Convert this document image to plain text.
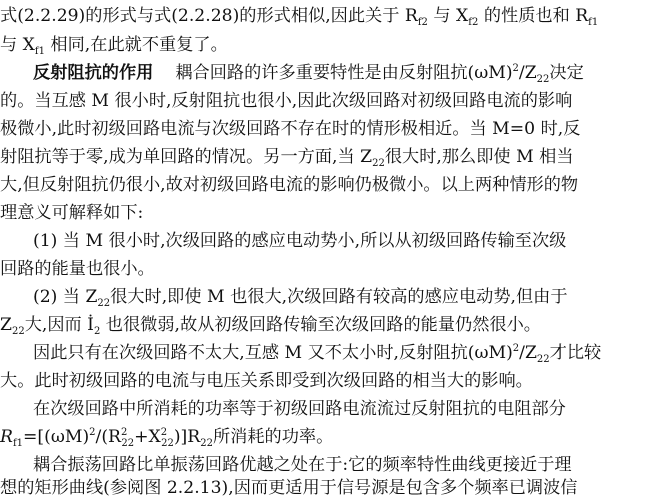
式(2.2.29)的形式与式(2.2.28)的形式相似,因此关于 $R_{f2}$ 与 $X_{f2}$ 的性质也和 $R_{f1}$
与 $X_{f1}$ 相同,在此就不重复了。
反射阻抗的作用 耦合回路的许多重要特性是由反射阻抗$(\omega M)^2/Z_{22}$决定
的。当互感 M 很小时,反射阻抗也很小,因此次级回路对初级回路电流的影响
极微小,此时初级回路电流与次级回路不存在时的情形极相近。当 M=0 时,反
射阻抗等于零,成为单回路的情况。另一方面,当 $Z_{22}$很大时,那么即使 M 相当
大,但反射阻抗仍很小,故对初级回路电流的影响仍极微小。以上两种情形的物
理意义可解释如下:
(1) 当 M 很小时,次级回路的感应电动势小,所以从初级回路传输至次级
回路的能量也很小。
(2) 当 $Z_{22}$很大时,即使 M 也很大,次级回路有较高的感应电动势,但由于
$Z_{22}$大,因而 $İ_2$ 也很微弱,故从初级回路传输至次级回路的能量仍然很小。
因此只有在次级回路不太大,互感 M 又不太小时,反射阻抗$(\omega M)^2/Z_{22}$才比较
大。此时初级回路的电流与电压关系即受到次级回路的相当大的影响。
在次级回路中所消耗的功率等于初级回路电流流过反射阻抗的电阻部分
$R_{f1}=[(\omega M)^2/(R^2_{22}+X^2_{22})]R_{22}$所消耗的功率。
耦合振荡回路比单振荡回路优越之处在于:它的频率特性曲线更接近于理
想的矩形曲线(参阅图 2.2.13),因而更适用于信号源是包含多个频率已调波信
